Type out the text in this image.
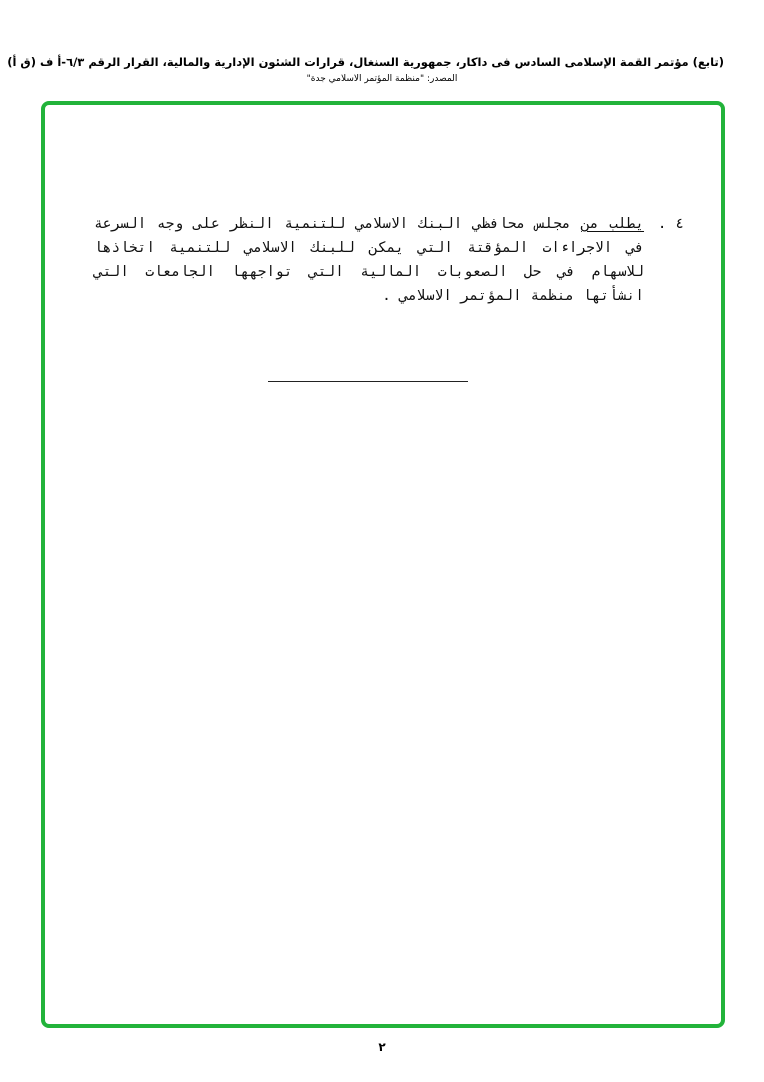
(تابع) مؤتمر القمة الإسلامى السادس فى داكار، جمهورية السنغال، قرارات الشئون الإدارية والمالية، القرار الرقم ٦/٣-أ ف (ق أ)
المصدر: "منظمة المؤتمر الاسلامي جدة"
٤ .
يطلب من مجلس محافظي البنك الاسلامي للتنمية النظر على وجه السرعة في الاجراءات المؤقتة التي يمكن للبنك الاسلامي للتنمية اتخاذها للاسهام في حل الصعوبات المالية التي تواجهها الجامعات التي انشأتها منظمة المؤتمر الاسلامي .
٢
